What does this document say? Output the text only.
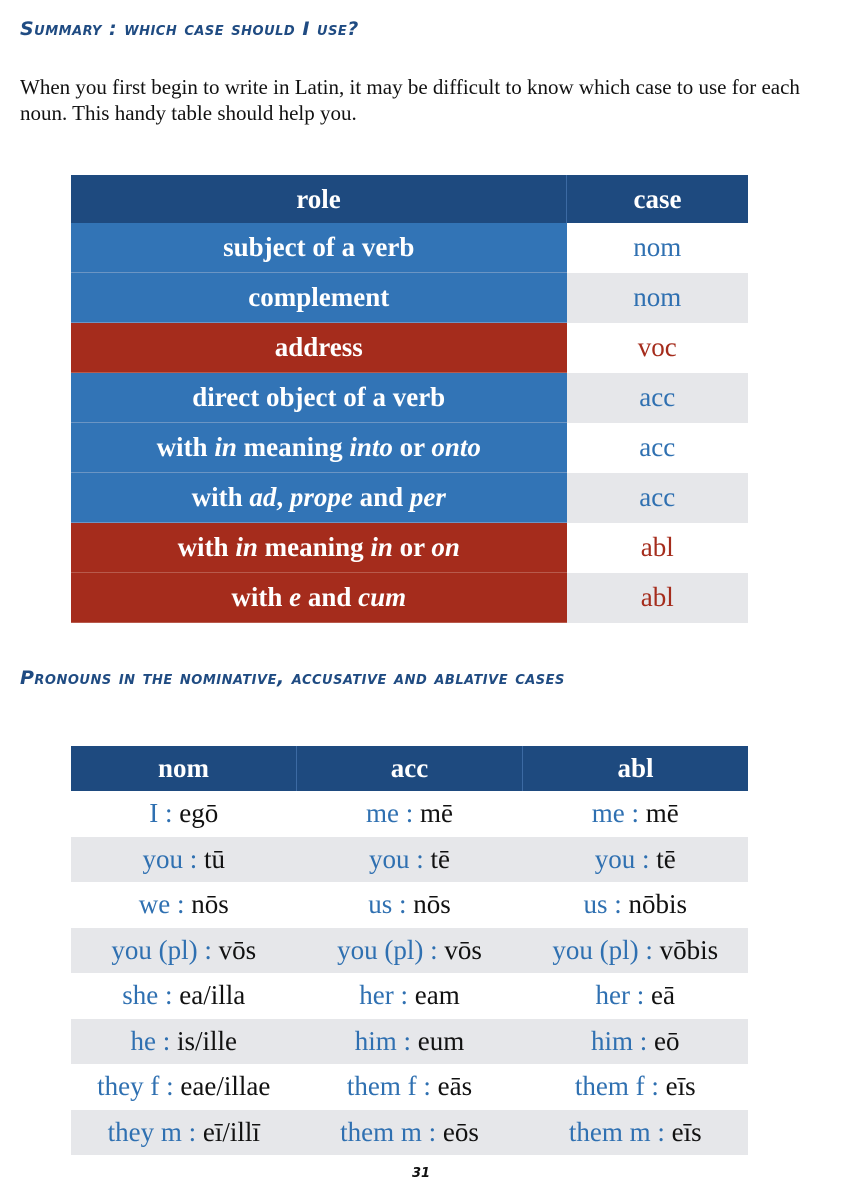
Summary : which case should I use?
When you first begin to write in Latin, it may be difficult to know which case to use for each noun. This handy table should help you.
role	case
subject of a verb	nom
complement	nom
address	voc
direct object of a verb	acc
with in meaning into or onto	acc
with ad, prope and per	acc
with in meaning in or on	abl
with e and cum	abl
Pronouns in the nominative, accusative and ablative cases
nom	acc	abl
I : egō	me : mē	me : mē
you : tū	you : tē	you : tē
we : nōs	us : nōs	us : nōbis
you (pl) : vōs	you (pl) : vōs	you (pl) : vōbis
she : ea/illa	her : eam	her : eā
he : is/ille	him : eum	him : eō
they f : eae/illae	them f : eās	them f : eīs
they m : eī/illī	them m : eōs	them m : eīs
31
